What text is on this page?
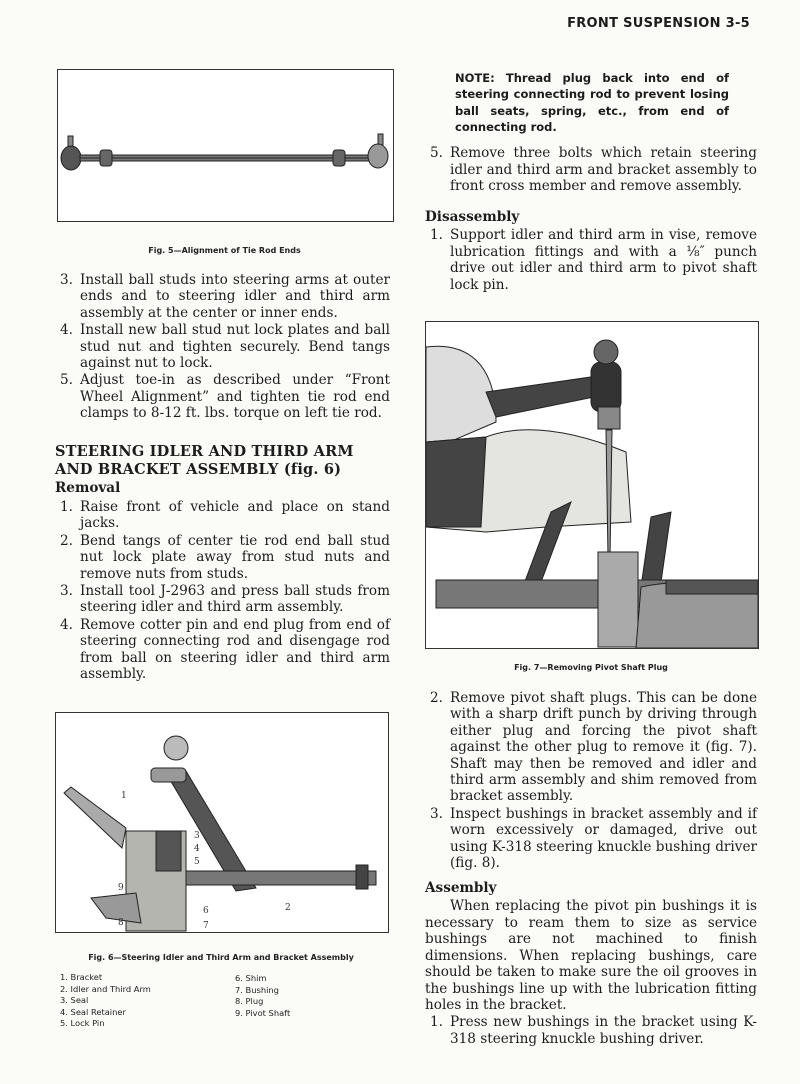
FRONT SUSPENSION 3-5
Fig. 5—Alignment of Tie Rod Ends
3. Install ball studs into steering arms at outer ends and to steering idler and third arm assembly at the center or inner ends.
4. Install new ball stud nut lock plates and ball stud nut and tighten securely. Bend tangs against nut to lock.
5. Adjust toe-in as described under “Front Wheel Alignment” and tighten tie rod end clamps to 8-12 ft. lbs. torque on left tie rod.
STEERING IDLER AND THIRD ARM
AND BRACKET ASSEMBLY (fig. 6)
Removal
1. Raise front of vehicle and place on stand jacks.
2. Bend tangs of center tie rod end ball stud nut lock plate away from stud nuts and remove nuts from studs.
3. Install tool J-2963 and press ball studs from steering idler and third arm assembly.
4. Remove cotter pin and end plug from end of steering connecting rod and disengage rod from ball on steering idler and third arm assembly.
1
2
3
4
5
6
7
8
9
Fig. 6—Steering Idler and Third Arm and Bracket Assembly
1. Bracket
2. Idler and Third Arm
3. Seal
4. Seal Retainer
5. Lock Pin
6. Shim
7. Bushing
8. Plug
9. Pivot Shaft
NOTE: Thread plug back into end of steering connecting rod to prevent losing ball seats, spring, etc., from end of connecting rod.
5. Remove three bolts which retain steering idler and third arm and bracket assembly to front cross member and remove assembly.
Disassembly
1. Support idler and third arm in vise, remove lubrication fittings and with a ⅛″ punch drive out idler and third arm to pivot shaft lock pin.
Fig. 7—Removing Pivot Shaft Plug
2. Remove pivot shaft plugs. This can be done with a sharp drift punch by driving through either plug and forcing the pivot shaft against the other plug to remove it (fig. 7). Shaft may then be removed and idler and third arm assembly and shim removed from bracket assembly.
3. Inspect bushings in bracket assembly and if worn excessively or damaged, drive out using K-318 steering knuckle bushing driver (fig. 8).
Assembly

When replacing the pivot pin bushings it is necessary to ream them to size as service bushings are not machined to finish dimensions. When replacing bushings, care should be taken to make sure the oil grooves in the bushings line up with the lubrication fitting holes in the bracket.

1. Press new bushings in the bracket using K-318 steering knuckle bushing driver.
